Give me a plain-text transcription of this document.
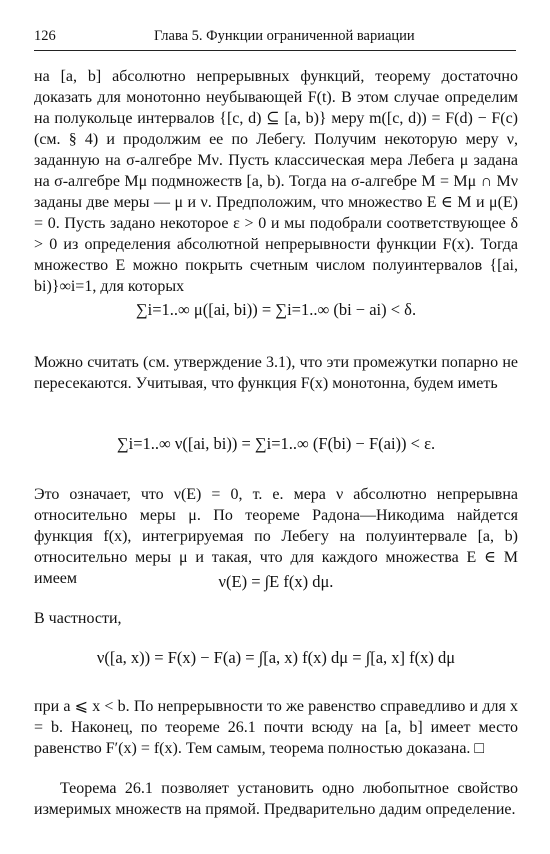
126	Глава 5. Функции ограниченной вариации
на [a, b] абсолютно непрерывных функций, теорему достаточно доказать для монотонно неубывающей F(t). В этом случае определим на полукольце интервалов {[c, d) ⊆ [a, b)} меру m([c, d)) = F(d) − F(c) (см. § 4) и продолжим ее по Лебегу. Получим некоторую меру ν, заданную на σ-алгебре Mν. Пусть классическая мера Лебега μ задана на σ-алгебре Mμ подмножеств [a, b). Тогда на σ-алгебре M = Mμ ∩ Mν заданы две меры — μ и ν. Предположим, что множество E ∈ M и μ(E) = 0. Пусть задано некоторое ε > 0 и мы подобрали соответствующее δ > 0 из определения абсолютной непрерывности функции F(x). Тогда множество E можно покрыть счетным числом полуинтервалов {[ai, bi)}∞i=1, для которых
∑i=1..∞ μ([ai, bi)) = ∑i=1..∞ (bi − ai) < δ.
Можно считать (см. утверждение 3.1), что эти промежутки попарно не пересекаются. Учитывая, что функция F(x) монотонна, будем иметь
∑i=1..∞ ν([ai, bi)) = ∑i=1..∞ (F(bi) − F(ai)) < ε.
Это означает, что ν(E) = 0, т. е. мера ν абсолютно непрерывна относительно меры μ. По теореме Радона—Никодима найдется функция f(x), интегрируемая по Лебегу на полуинтервале [a, b) относительно меры μ и такая, что для каждого множества E ∈ M имеем	ν(E) = ∫E f(x) dμ.
В частности,
ν([a, x)) = F(x) − F(a) = ∫[a, x) f(x) dμ = ∫[a, x] f(x) dμ
при a ⩽ x < b. По непрерывности то же равенство справедливо и для x = b. Наконец, по теореме 26.1 почти всюду на [a, b] имеет место равенство F′(x) = f(x). Тем самым, теорема полностью доказана. □
Теорема 26.1 позволяет установить одно любопытное свойство измеримых множеств на прямой. Предварительно дадим определение.
